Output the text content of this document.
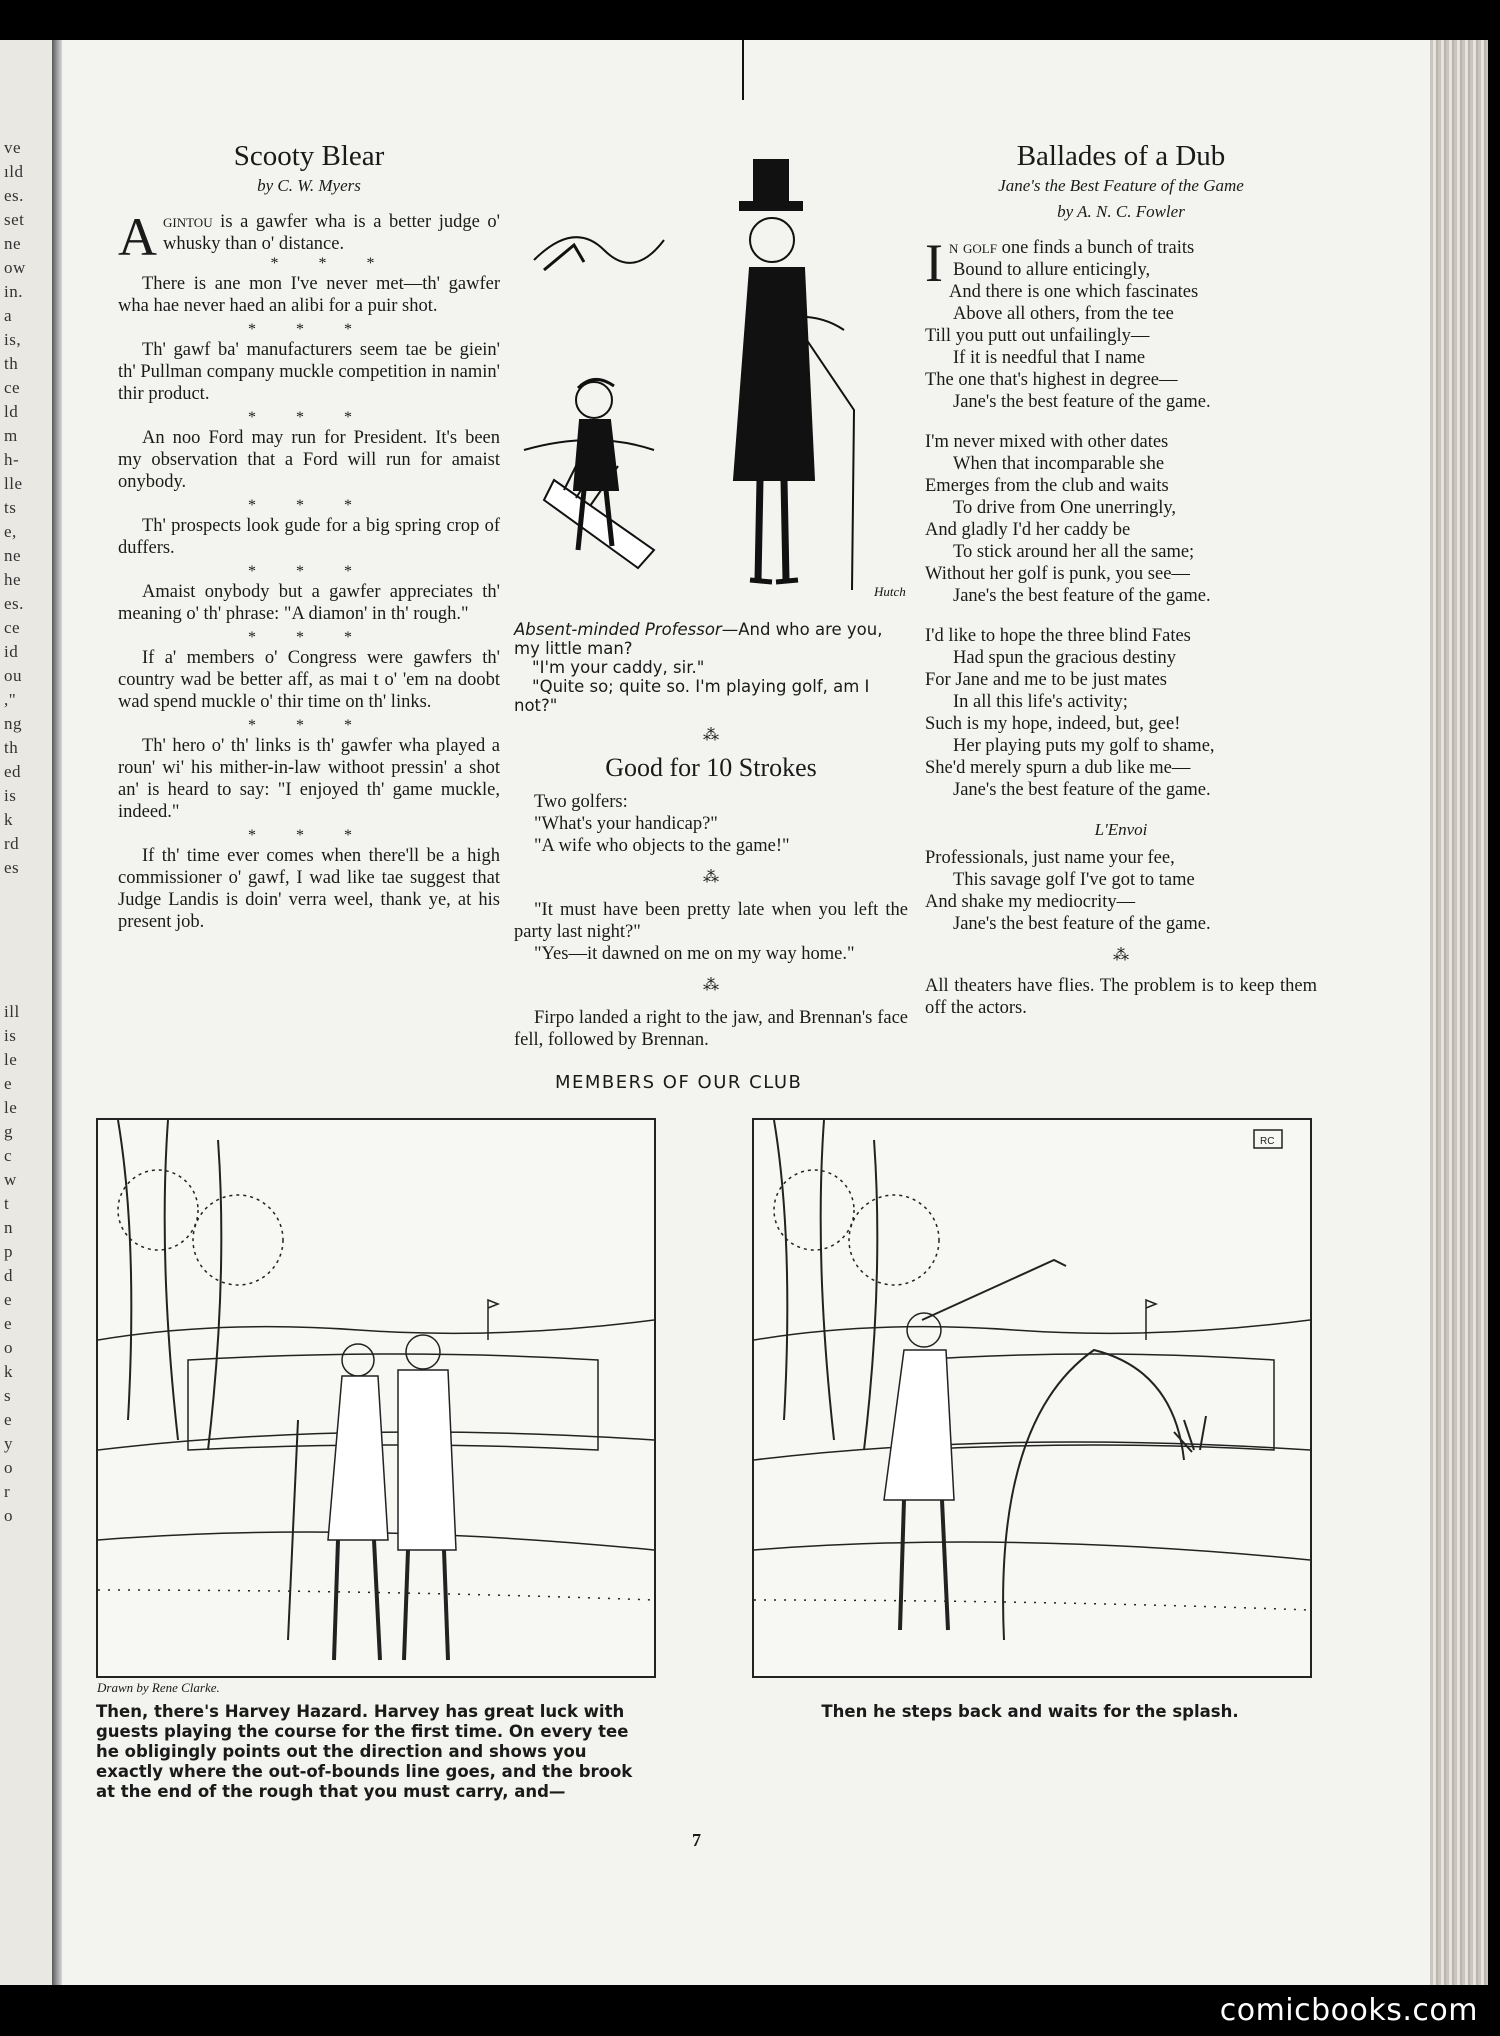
ve
ıld
es.
set
ne
ow
in.
a
is,
th
ce
ld
m
h-
lle
ts
e,
ne
he
es.
ce
id
ou
,"
ng
th
ed
is
k
rd
es
ill
is
le
e
le
g
c
w
t
n
p
d
e
e
o
k
s
e
y
o
r
o
Scooty Blear
by C. W. Myers

Agintou is a gawfer wha is a better judge o' whusky than o' distance.

* * *

There is ane mon I've never met—th' gawfer wha hae never haed an alibi for a puir shot.

* * *

Th' gawf ba' manufacturers seem tae be giein' th' Pullman company muckle competition in namin' thir product.

* * *

An noo Ford may run for President. It's been my observation that a Ford will run for amaist onybody.

* * *

Th' prospects look gude for a big spring crop of duffers.

* * *

Amaist onybody but a gawfer appreciates th' meaning o' th' phrase: "A diamon' in th' rough."

* * *

If a' members o' Congress were gawfers th' country wad be better aff, as mai t o' 'em na doobt wad spend muckle o' thir time on th' links.

* * *

Th' hero o' th' links is th' gawfer wha played a roun' wi' his mither-in-law withoot pressin' a shot an' is heard to say: "I enjoyed th' game muckle, indeed."

* * *

If th' time ever comes when there'll be a high commissioner o' gawf, I wad like tae suggest that Judge Landis is doin' verra weel, thank ye, at his present job.

Hutch
Absent-minded Professor—And who are you, my little man?
"I'm your caddy, sir."
"Quite so; quite so. I'm playing golf, am I not?"
⁂
Good for 10 Strokes

Two golfers:

"What's your handicap?"

"A wife who objects to the game!"

⁂

"It must have been pretty late when you left the party last night?"

"Yes—it dawned on me on my way home."

⁂

Firpo landed a right to the jaw, and Brennan's face fell, followed by Brennan.

Ballades of a Dub
Jane's the Best Feature of the Game
by A. N. C. Fowler

In golf one finds a bunch of traits

Bound to allure enticingly,

And there is one which fascinates

Above all others, from the tee

Till you putt out unfailingly—

If it is needful that I name

The one that's highest in degree—

Jane's the best feature of the game.

I'm never mixed with other dates

When that incomparable she

Emerges from the club and waits

To drive from One unerringly,

And gladly I'd her caddy be

To stick around her all the same;

Without her golf is punk, you see—

Jane's the best feature of the game.

I'd like to hope the three blind Fates

Had spun the gracious destiny

For Jane and me to be just mates

In all this life's activity;

Such is my hope, indeed, but, gee!

Her playing puts my golf to shame,

She'd merely spurn a dub like me—

Jane's the best feature of the game.

L'Envoi

Professionals, just name your fee,

This savage golf I've got to tame

And shake my mediocrity—

Jane's the best feature of the game.

⁂

All theaters have flies. The problem is to keep them off the actors.

MEMBERS OF OUR CLUB
RC
Drawn by Rene Clarke.
Then, there's Harvey Hazard. Harvey has great luck with guests playing the course for the first time. On every tee he obligingly points out the direction and shows you exactly where the out-of-bounds line goes, and the brook at the end of the rough that you must carry, and—
Then he steps back and waits for the splash.
7
comicbooks.com
